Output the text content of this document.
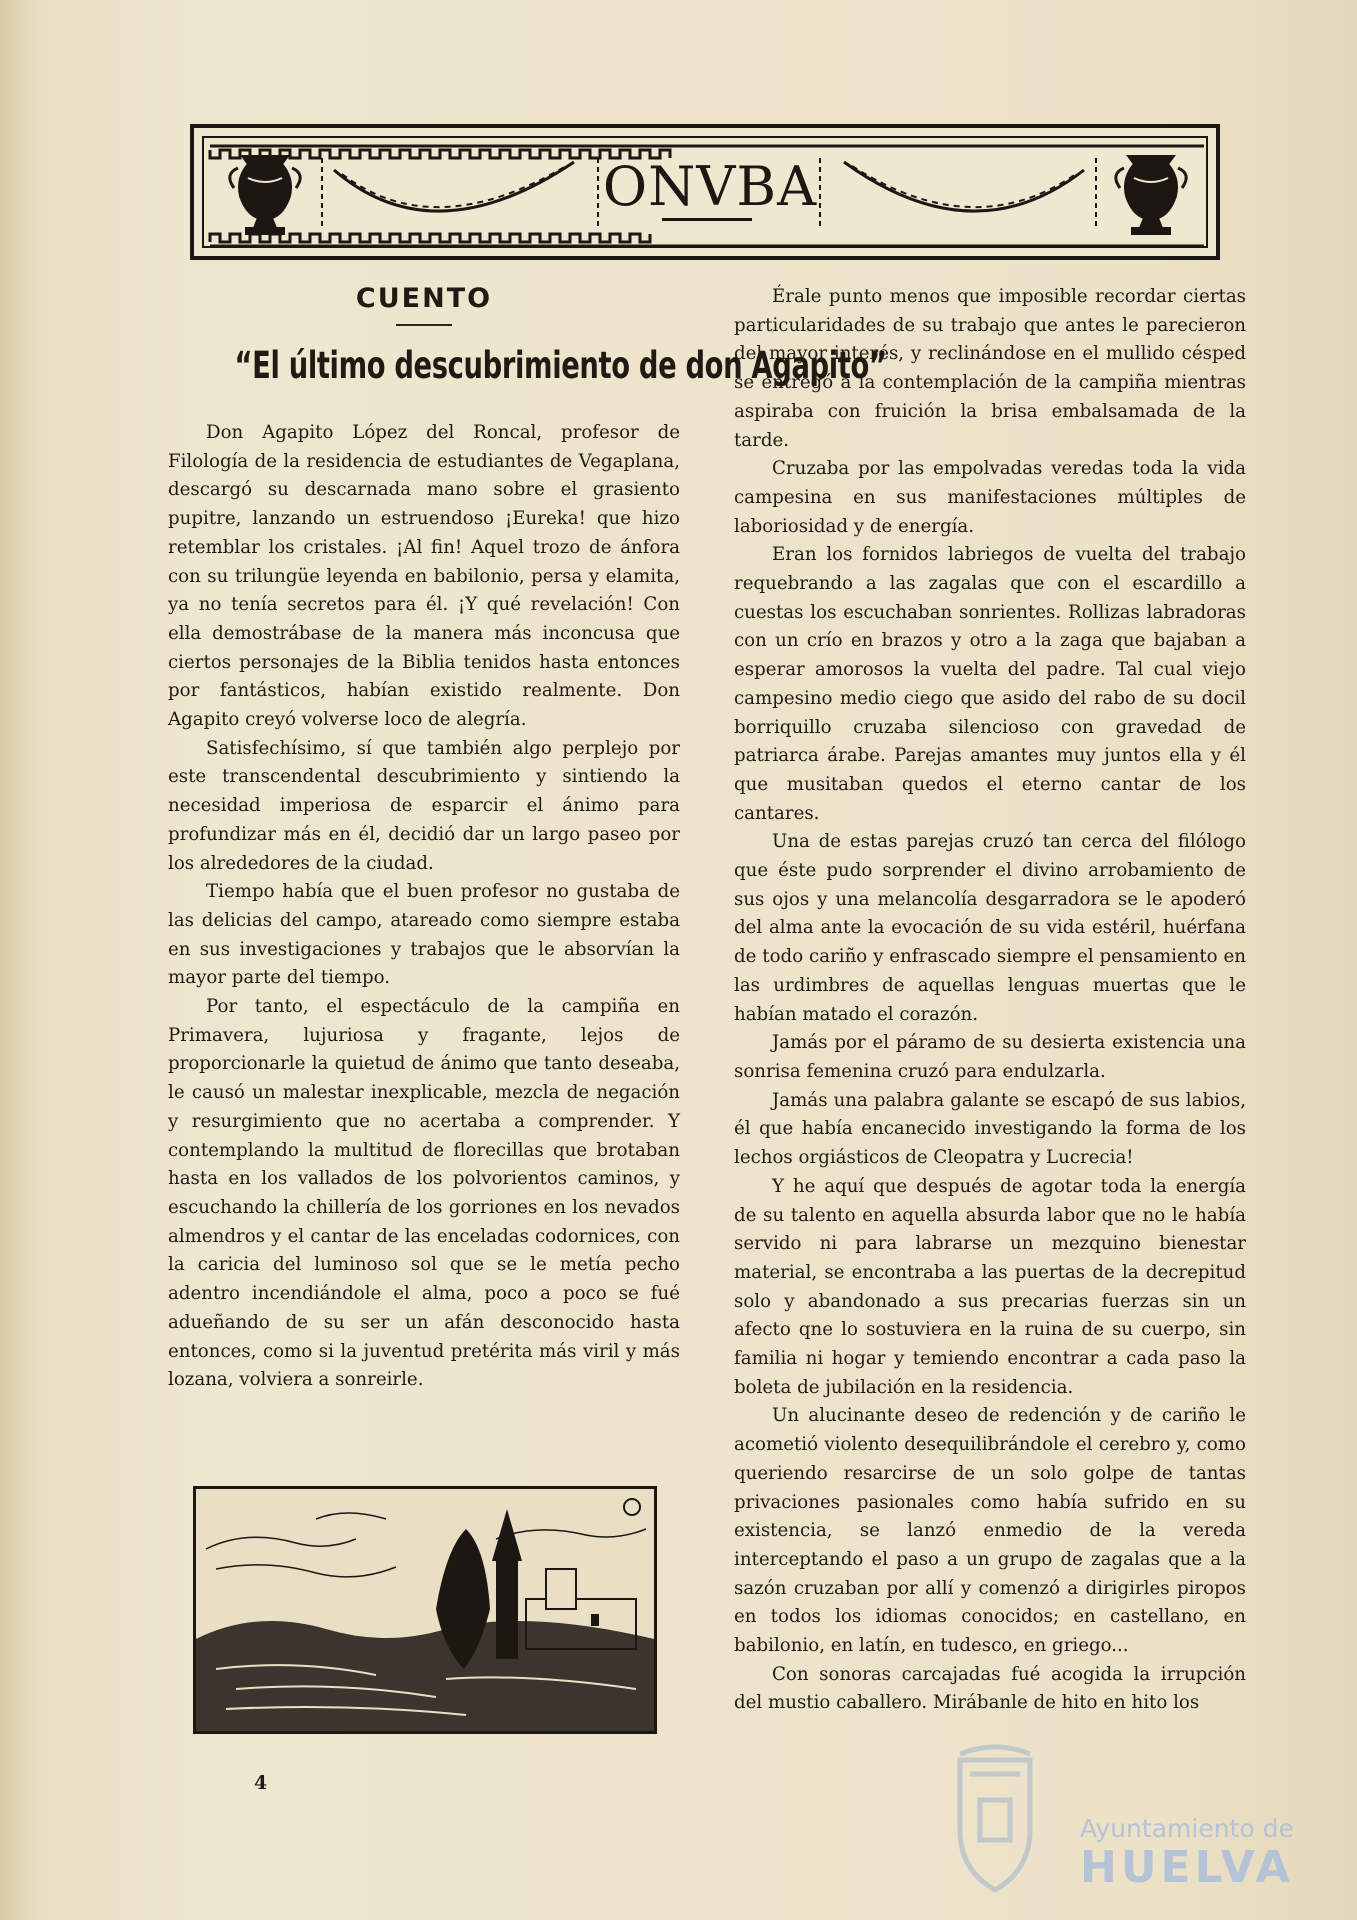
ONVBA
CUENTO
“El último descubrimiento de don Agapito”

Don Agapito López del Roncal, profesor de Filología de la residencia de estudiantes de Vegaplana, descargó su descarnada mano sobre el grasiento pupitre, lanzando un estruendoso ¡Eureka! que hizo retemblar los cristales. ¡Al fin! Aquel trozo de ánfora con su trilungüe leyenda en babilonio, persa y elamita, ya no tenía secretos para él. ¡Y qué revelación! Con ella demostrábase de la manera más inconcusa que ciertos personajes de la Biblia tenidos hasta entonces por fantásticos, habían existido realmente. Don Agapito creyó volverse loco de alegría.

Satisfechísimo, sí que también algo perplejo por este transcendental descubrimiento y sintiendo la necesidad imperiosa de esparcir el ánimo para profundizar más en él, decidió dar un largo paseo por los alrededores de la ciudad.

Tiempo había que el buen profesor no gustaba de las delicias del campo, atareado como siempre estaba en sus investigaciones y trabajos que le absorvían la mayor parte del tiempo.

Por tanto, el espectáculo de la campiña en Primavera, lujuriosa y fragante, lejos de proporcionarle la quietud de ánimo que tanto deseaba, le causó un malestar inexplicable, mezcla de negación y resurgimiento que no acertaba a comprender. Y contemplando la multitud de florecillas que brotaban hasta en los vallados de los polvorientos caminos, y escuchando la chillería de los gorriones en los nevados almendros y el cantar de las enceladas codornices, con la caricia del luminoso sol que se le metía pecho adentro incendiándole el alma, poco a poco se fué adueñando de su ser un afán desconocido hasta entonces, como si la juventud pretérita más viril y más lozana, volviera a sonreirle.

4

Érale punto menos que imposible recordar ciertas particularidades de su trabajo que antes le parecieron del mayor interés, y reclinándose en el mullido césped se entregó a la contemplación de la campiña mientras aspiraba con fruición la brisa embalsamada de la tarde.

Cruzaba por las empolvadas veredas toda la vida campesina en sus manifestaciones múltiples de laboriosidad y de energía.

Eran los fornidos labriegos de vuelta del trabajo requebrando a las zagalas que con el escardillo a cuestas los escuchaban sonrientes. Rollizas labradoras con un crío en brazos y otro a la zaga que bajaban a esperar amorosos la vuelta del padre. Tal cual viejo campesino medio ciego que asido del rabo de su docil borriquillo cruzaba silencioso con gravedad de patriarca árabe. Parejas amantes muy juntos ella y él que musitaban quedos el eterno cantar de los cantares.

Una de estas parejas cruzó tan cerca del filólogo que éste pudo sorprender el divino arrobamiento de sus ojos y una melancolía desgarradora se le apoderó del alma ante la evocación de su vida estéril, huérfana de todo cariño y enfrascado siempre el pensamiento en las urdimbres de aquellas lenguas muertas que le habían matado el corazón.

Jamás por el páramo de su desierta existencia una sonrisa femenina cruzó para endulzarla.

Jamás una palabra galante se escapó de sus labios, él que había encanecido investigando la forma de los lechos orgiásticos de Cleopatra y Lucrecia!

Y he aquí que después de agotar toda la energía de su talento en aquella absurda labor que no le había servido ni para labrarse un mezquino bienestar material, se encontraba a las puertas de la decrepitud solo y abandonado a sus precarias fuerzas sin un afecto qne lo sostuviera en la ruina de su cuerpo, sin familia ni hogar y temiendo encontrar a cada paso la boleta de jubilación en la residencia.

Un alucinante deseo de redención y de cariño le acometió violento desequilibrándole el cerebro y, como queriendo resarcirse de un solo golpe de tantas privaciones pasionales como había sufrido en su existencia, se lanzó enmedio de la vereda interceptando el paso a un grupo de zagalas que a la sazón cruzaban por allí y comenzó a dirigirles piropos en todos los idiomas conocidos; en castellano, en babilonio, en latín, en tudesco, en griego...

Con sonoras carcajadas fué acogida la irrupción del mustio caballero. Mirábanle de hito en hito los

Ayuntamiento de
HUELVA
